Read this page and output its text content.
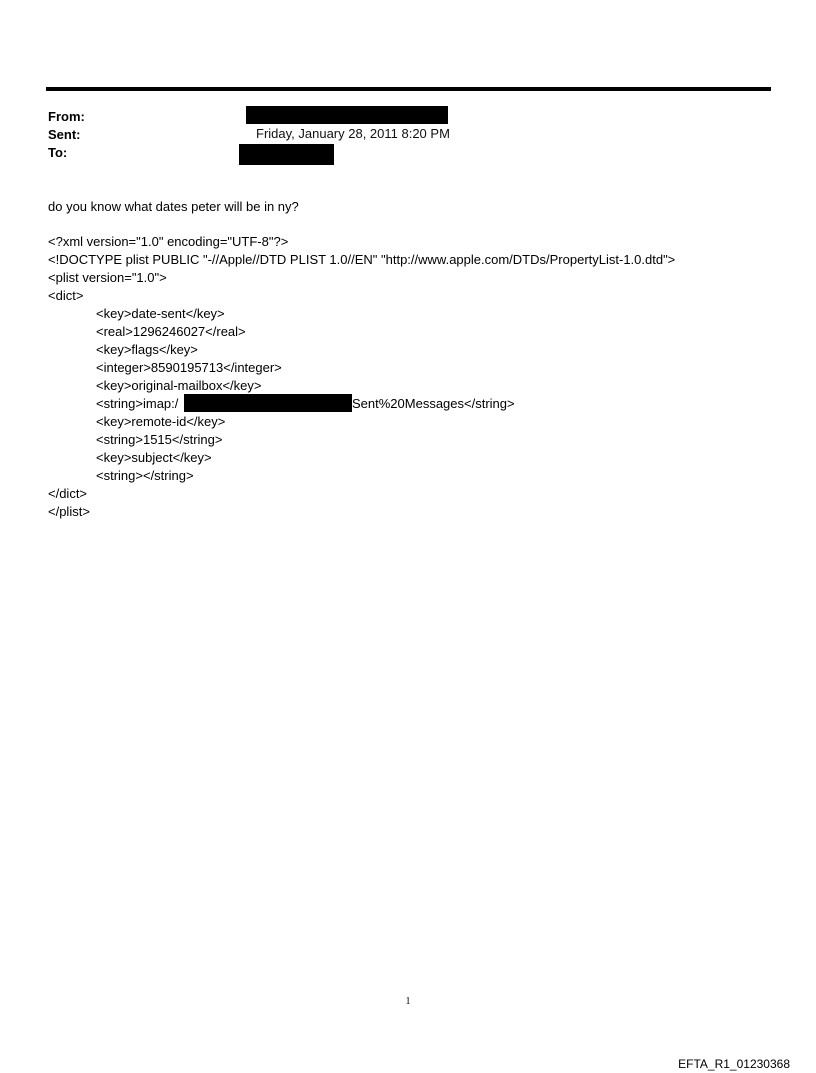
From:
Sent:	Friday, January 28, 2011 8:20 PM
To:
do you know what dates peter will be in ny?
<?xml version="1.0" encoding="UTF-8"?>
<!DOCTYPE plist PUBLIC "-//Apple//DTD PLIST 1.0//EN" "http://www.apple.com/DTDs/PropertyList-1.0.dtd">
<plist version="1.0">
<dict>
<key>date-sent</key>
<real>1296246027</real>
<key>flags</key>
<integer>8590195713</integer>
<key>original-mailbox</key>
<string>imap:/	Sent%20Messages</string>
<key>remote-id</key>
<string>1515</string>
<key>subject</key>
<string></string>
</dict>
</plist>
1
EFTA_R1_01230368
